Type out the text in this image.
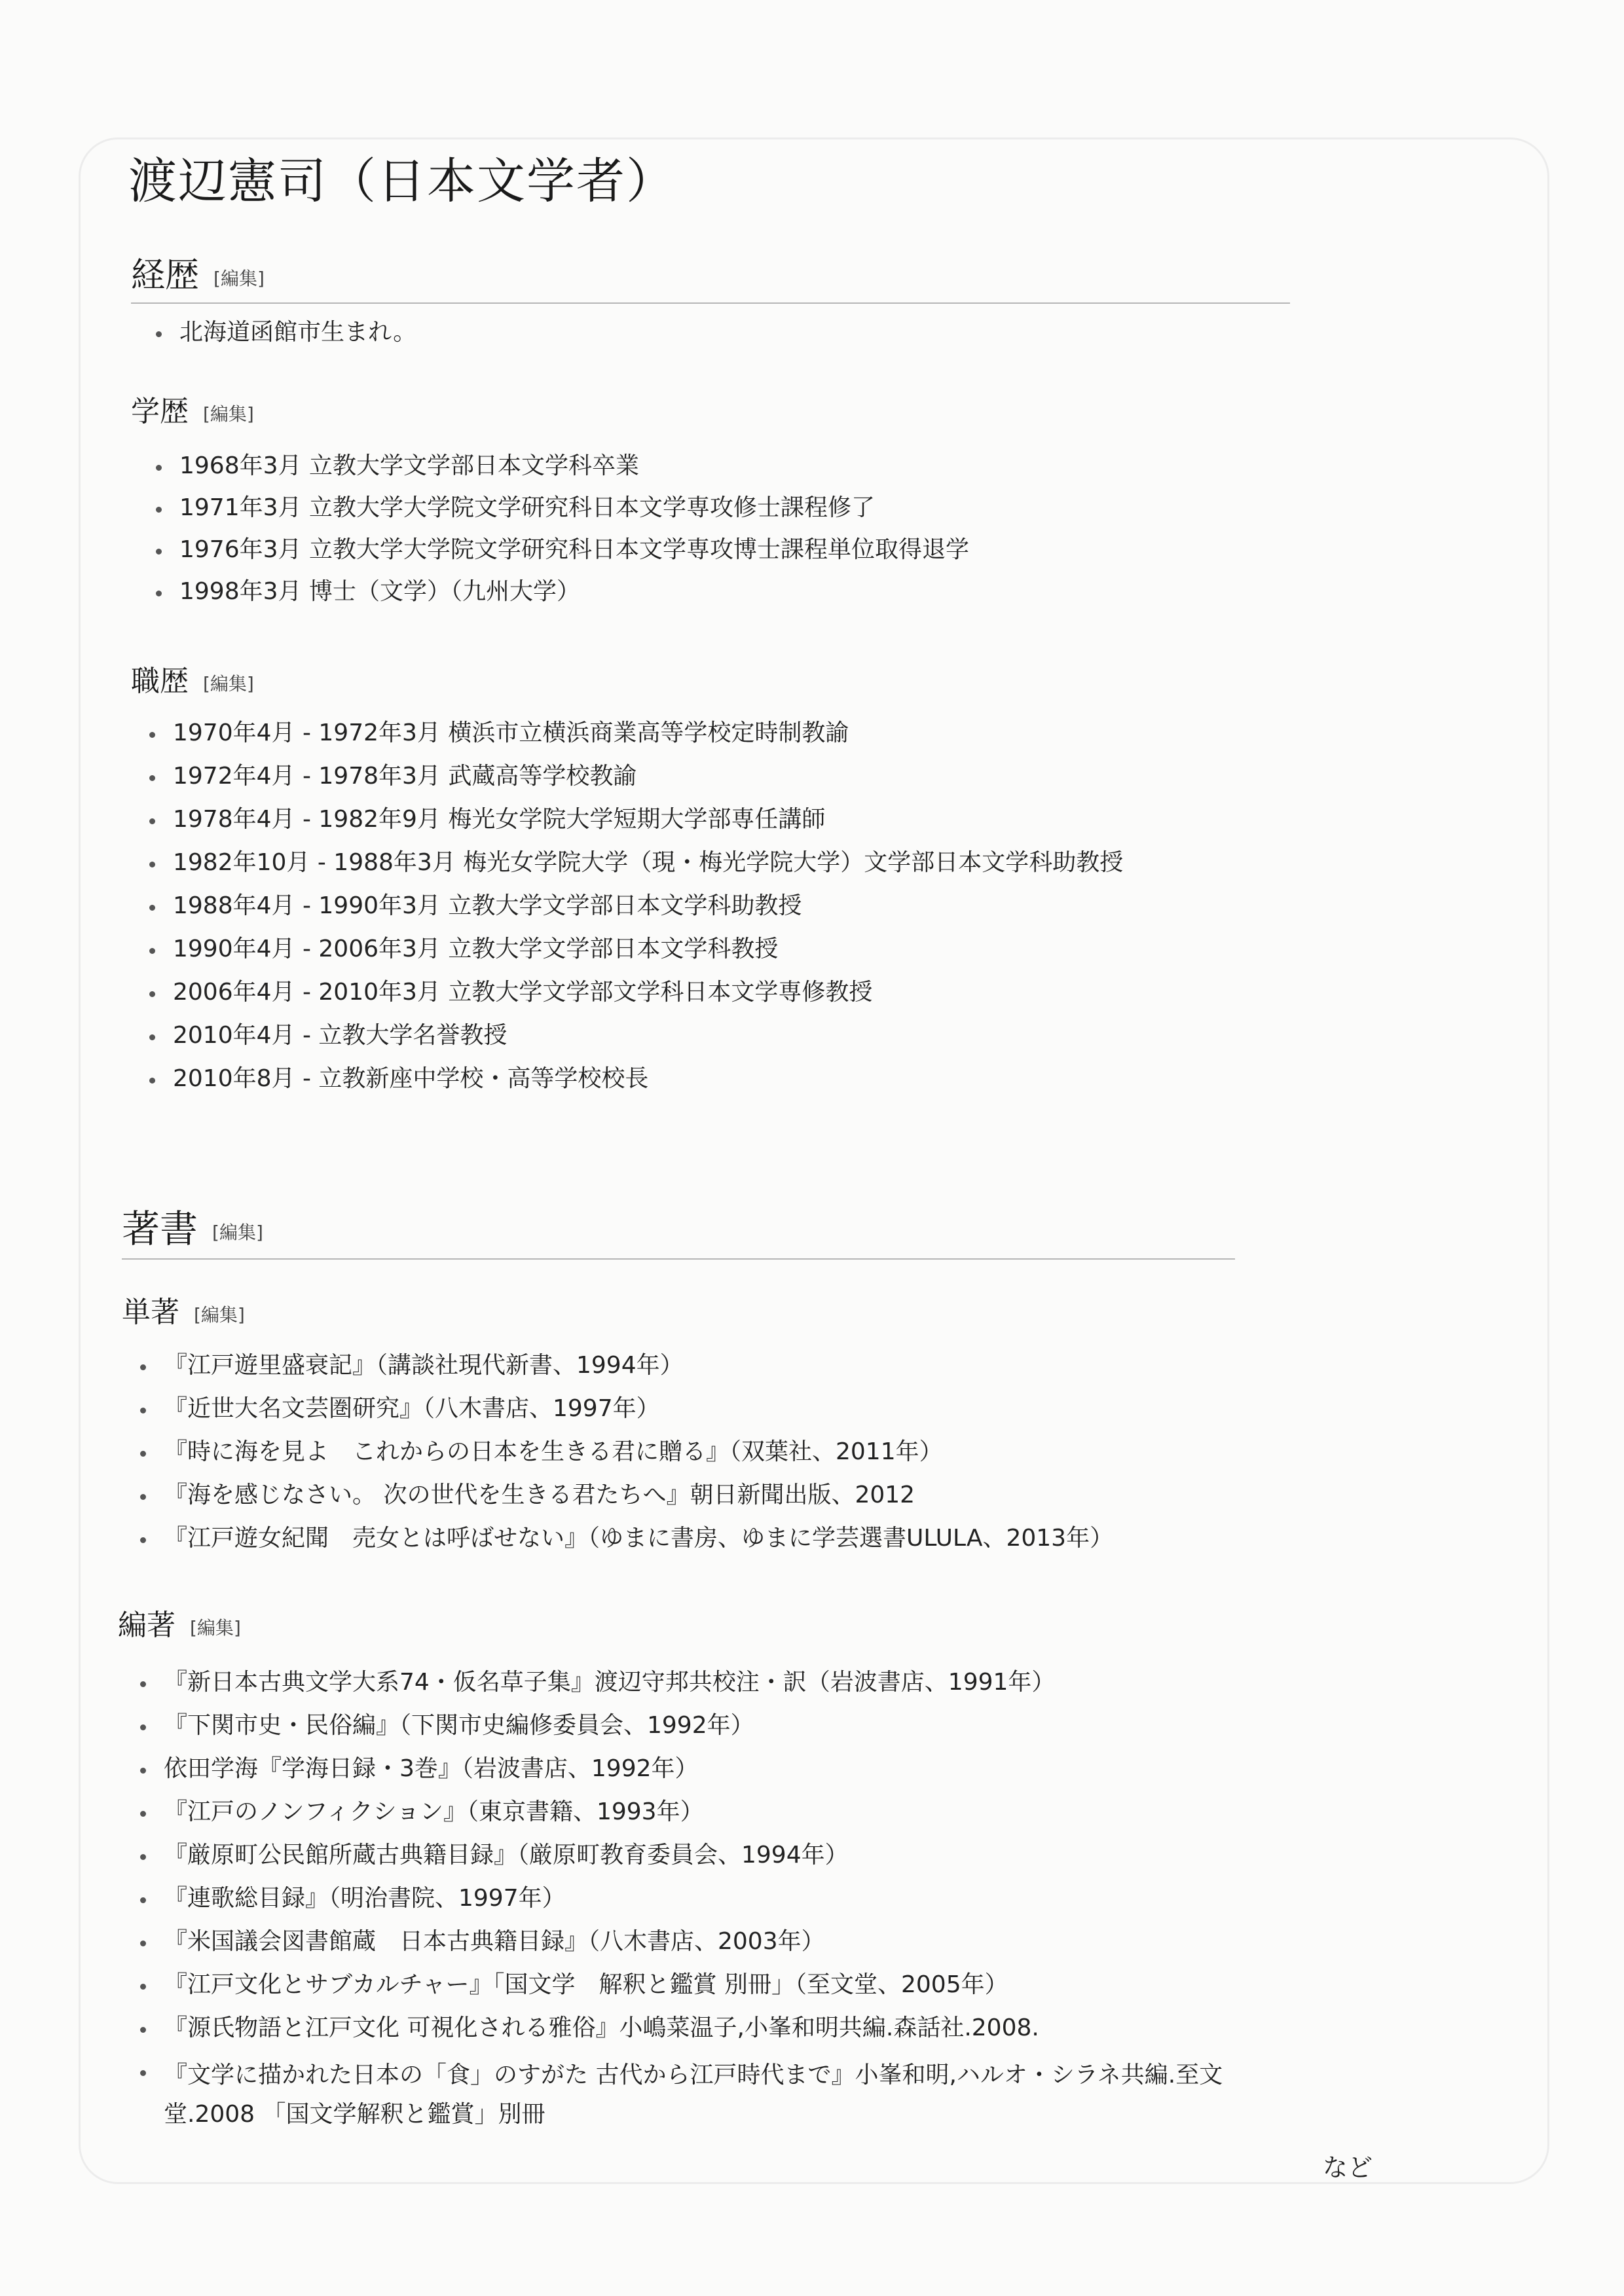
渡辺憲司（日本文学者）
経歴 [編集]
北海道函館市生まれ。
学歴 [編集]
1968年3月 立教大学文学部日本文学科卒業
1971年3月 立教大学大学院文学研究科日本文学専攻修士課程修了
1976年3月 立教大学大学院文学研究科日本文学専攻博士課程単位取得退学
1998年3月 博士（文学）（九州大学）
職歴 [編集]
1970年4月 - 1972年3月 横浜市立横浜商業高等学校定時制教諭
1972年4月 - 1978年3月 武蔵高等学校教諭
1978年4月 - 1982年9月 梅光女学院大学短期大学部専任講師
1982年10月 - 1988年3月 梅光女学院大学（現・梅光学院大学）文学部日本文学科助教授
1988年4月 - 1990年3月 立教大学文学部日本文学科助教授
1990年4月 - 2006年3月 立教大学文学部日本文学科教授
2006年4月 - 2010年3月 立教大学文学部文学科日本文学専修教授
2010年4月 - 立教大学名誉教授
2010年8月 - 立教新座中学校・高等学校校長
著書 [編集]
単著 [編集]
『江戸遊里盛衰記』（講談社現代新書、1994年）
『近世大名文芸圏研究』（八木書店、1997年）
『時に海を見よ　これからの日本を生きる君に贈る』（双葉社、2011年）
『海を感じなさい。 次の世代を生きる君たちへ』朝日新聞出版、2012
『江戸遊女紀聞　売女とは呼ばせない』（ゆまに書房、ゆまに学芸選書ULULA、2013年）
編著 [編集]
『新日本古典文学大系74・仮名草子集』渡辺守邦共校注・訳（岩波書店、1991年）
『下関市史・民俗編』（下関市史編修委員会、1992年）
依田学海『学海日録・3巻』（岩波書店、1992年）
『江戸のノンフィクション』（東京書籍、1993年）
『厳原町公民館所蔵古典籍目録』（厳原町教育委員会、1994年）
『連歌総目録』（明治書院、1997年）
『米国議会図書館蔵　日本古典籍目録』（八木書店、2003年）
『江戸文化とサブカルチャー』「国文学　解釈と鑑賞 別冊」（至文堂、2005年）
『源氏物語と江戸文化 可視化される雅俗』小嶋菜温子,小峯和明共編.森話社.2008.
『文学に描かれた日本の「食」のすがた 古代から江戸時代まで』小峯和明,ハルオ・シラネ共編.至文堂.2008 「国文学解釈と鑑賞」別冊
など
